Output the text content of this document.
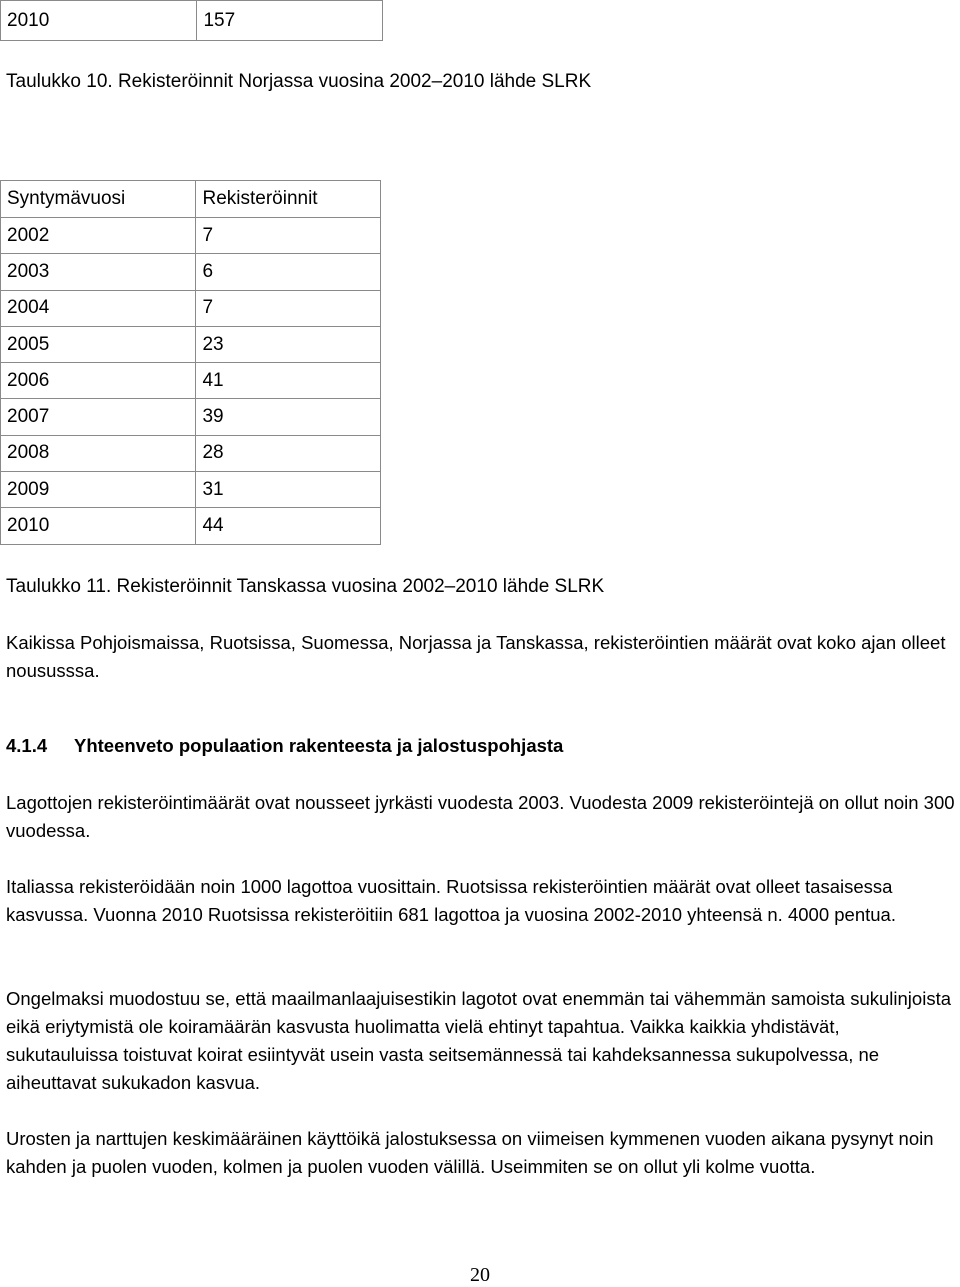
2010	157
Taulukko 10. Rekisteröinnit Norjassa vuosina 2002–2010 lähde SLRK
Syntymävuosi	Rekisteröinnit
2002	7
2003	6
2004	7
2005	23
2006	41
2007	39
2008	28
2009	31
2010	44
Taulukko 11. Rekisteröinnit Tanskassa vuosina 2002–2010 lähde SLRK
Kaikissa Pohjoismaissa, Ruotsissa, Suomessa, Norjassa ja Tanskassa, rekisteröintien määrät ovat koko ajan olleet noususssa.
4.1.4 Yhteenveto populaation rakenteesta ja jalostuspohjasta
Lagottojen rekisteröintimäärät ovat nousseet jyrkästi vuodesta 2003. Vuodesta 2009 rekisteröintejä on ollut noin 300 vuodessa.
Italiassa rekisteröidään noin 1000 lagottoa vuosittain. Ruotsissa rekisteröintien määrät ovat olleet tasaisessa kasvussa. Vuonna 2010 Ruotsissa rekisteröitiin 681 lagottoa ja vuosina 2002-2010 yhteensä n. 4000 pentua.
Ongelmaksi muodostuu se, että maailmanlaajuisestikin lagotot ovat enemmän tai vähemmän samoista sukulinjoista eikä eriytymistä ole koiramäärän kasvusta huolimatta vielä ehtinyt tapahtua. Vaikka kaikkia yhdistävät, sukutauluissa toistuvat koirat esiintyvät usein vasta seitsemännessä tai kahdeksannessa sukupolvessa, ne aiheuttavat sukukadon kasvua.
Urosten ja narttujen keskimääräinen käyttöikä jalostuksessa on viimeisen kymmenen vuoden aikana pysynyt noin kahden ja puolen vuoden, kolmen ja puolen vuoden välillä. Useimmiten se on ollut yli kolme vuotta.
20
